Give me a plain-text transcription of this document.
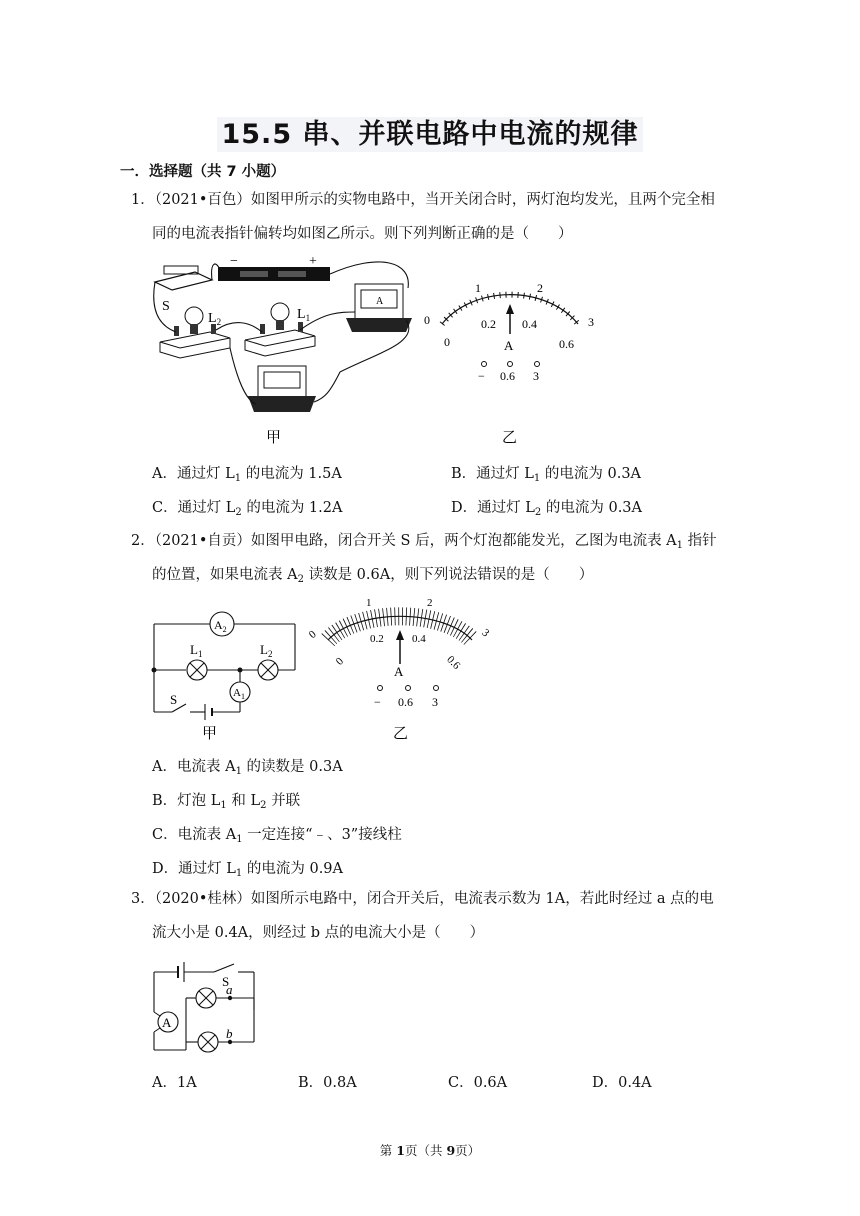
15.5 串、并联电路中电流的规律
一．选择题（共 7 小题）
1．（2021•百色）如图甲所示的实物电路中，当开关闭合时，两灯泡均发光，且两个完全相
同的电流表指针偏转均如图乙所示。则下列判断正确的是（　　）
−	+
S
$L_2$	$L_1$
A
0
1	2
3
0
0.2 0.4
0.6
A
− 0.6 3
甲	乙
A．通过灯 $L_1$ 的电流为 1.5A	B．通过灯 $L_1$ 的电流为 0.3A
C．通过灯 $L_2$ 的电流为 1.2A	D．通过灯 $L_2$ 的电流为 0.3A
2．（2021•自贡）如图甲电路，闭合开关 S 后，两个灯泡都能发光，乙图为电流表 $A_1$ 指针
的位置，如果电流表 $A_2$ 读数是 0.6A，则下列说法错误的是（　　）
$A_2$
$A_1$
$L_1$	$L_2$
S
甲
0
1	2
3
0
0.2	0.4
0.6
A
− 0.6 3
乙
A．电流表 $A_1$ 的读数是 0.3A
B．灯泡 $L_1$ 和 $L_2$ 并联
C．电流表 $A_1$ 一定连接“﹣、3”接线柱
D．通过灯 $L_1$ 的电流为 0.9A
3．（2020•桂林）如图所示电路中，闭合开关后，电流表示数为 1A，若此时经过 a 点的电
流大小是 0.4A，则经过 b 点的电流大小是（　　）
A
S
a
b
A．1A	B．0.8A	C．0.6A	D．0.4A
第 1页（共 9页）
